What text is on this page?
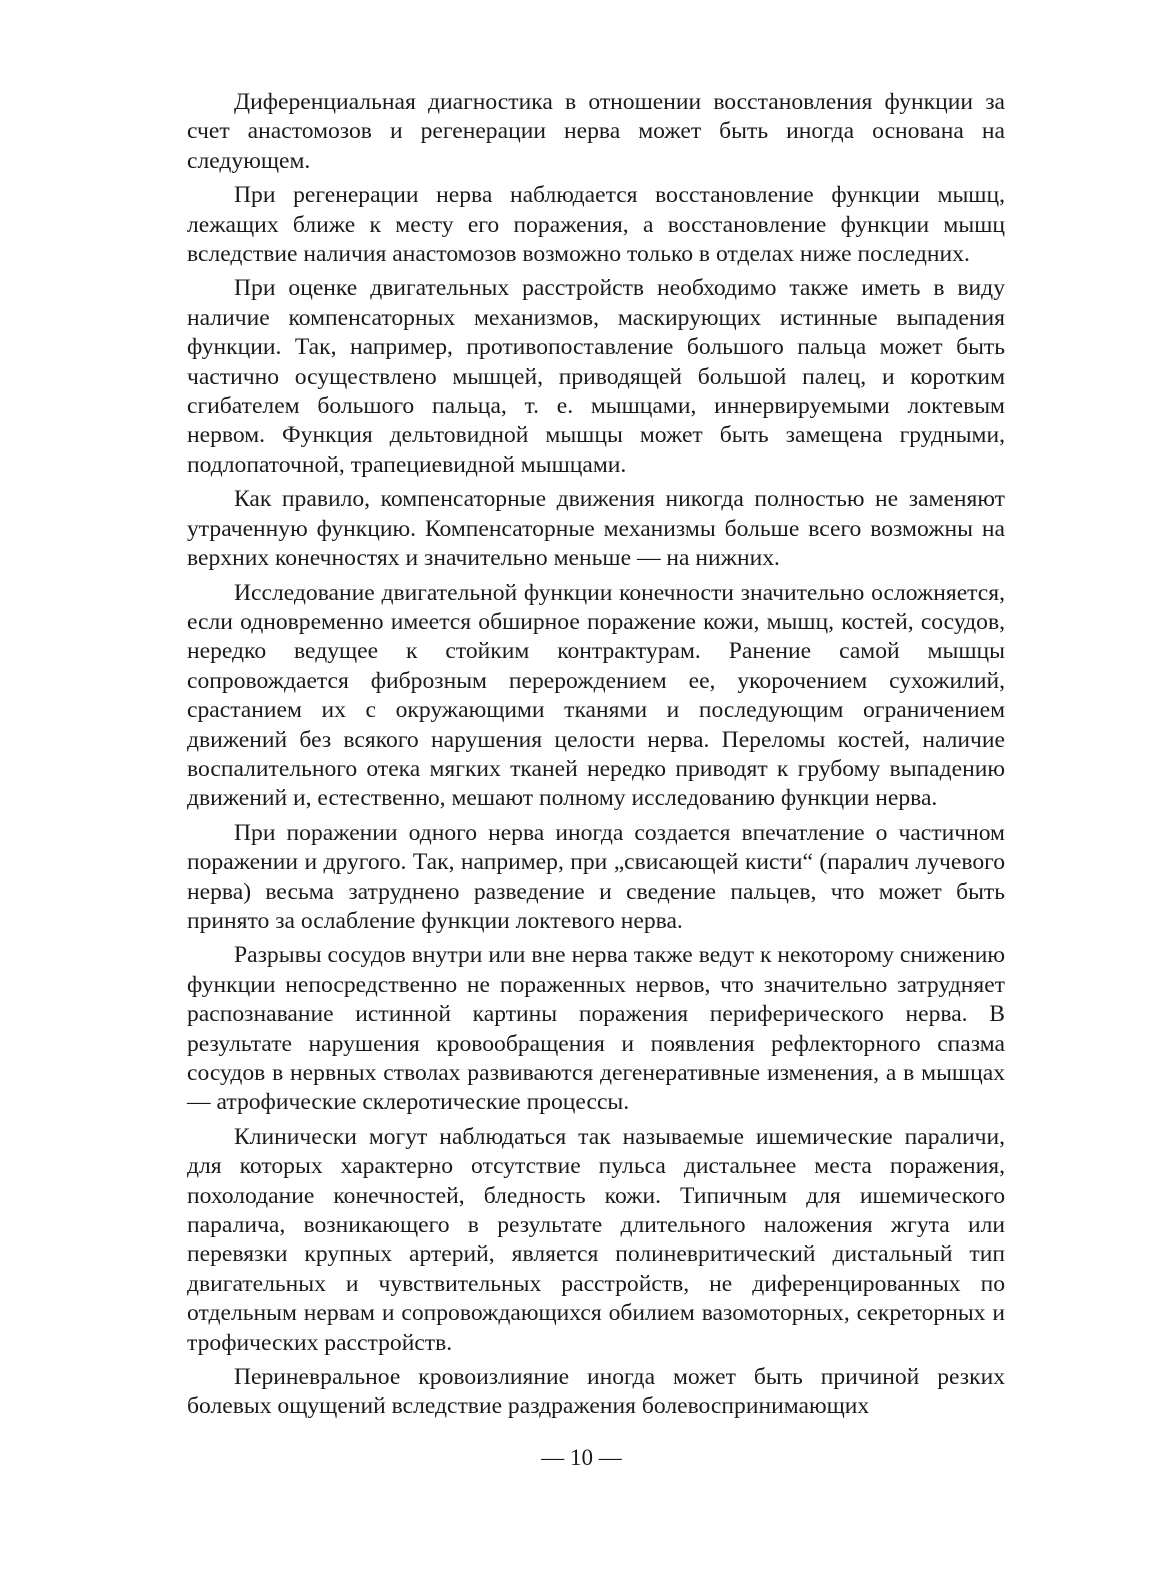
Диференциальная диагностика в отношении восстановления функции за счет анастомозов и регенерации нерва может быть иногда основана на следующем.

При регенерации нерва наблюдается восстановление функции мышц, лежащих ближе к месту его поражения, а восстановление функции мышц вследствие наличия анастомозов возможно только в отделах ниже последних.

При оценке двигательных расстройств необходимо также иметь в виду наличие компенсаторных механизмов, маскирующих истинные выпадения функции. Так, например, противопоставление большого пальца может быть частично осуществлено мышцей, приводящей большой палец, и коротким сгибателем большого пальца, т. е. мышцами, иннервируемыми локтевым нервом. Функция дельтовидной мышцы может быть замещена грудными, подлопаточной, трапециевидной мышцами.

Как правило, компенсаторные движения никогда полностью не заменяют утраченную функцию. Компенсаторные механизмы больше всего возможны на верхних конечностях и значительно меньше — на нижних.

Исследование двигательной функции конечности значительно осложняется, если одновременно имеется обширное поражение кожи, мышц, костей, сосудов, нередко ведущее к стойким контрактурам. Ранение самой мышцы сопровождается фиброзным перерождением ее, укорочением сухожилий, срастанием их с окружающими тканями и последующим ограничением движений без всякого нарушения целости нерва. Переломы костей, наличие воспалительного отека мягких тканей нередко приводят к грубому выпадению движений и, естественно, мешают полному исследованию функции нерва.

При поражении одного нерва иногда создается впечатление о частичном поражении и другого. Так, например, при „свисающей кисти“ (паралич лучевого нерва) весьма затруднено разведение и сведение пальцев, что может быть принято за ослабление функции локтевого нерва.

Разрывы сосудов внутри или вне нерва также ведут к некоторому снижению функции непосредственно не пораженных нервов, что значительно затрудняет распознавание истинной картины поражения периферического нерва. В результате нарушения кровообращения и появления рефлекторного спазма сосудов в нервных стволах развиваются дегенеративные изменения, а в мышцах — атрофические склеротические процессы.

Клинически могут наблюдаться так называемые ишемические параличи, для которых характерно отсутствие пульса дистальнее места поражения, похолодание конечностей, бледность кожи. Типичным для ишемического паралича, возникающего в результате длительного наложения жгута или перевязки крупных артерий, является полиневритический дистальный тип двигательных и чувствительных расстройств, не диференцированных по отдельным нервам и сопровождающихся обилием вазомоторных, секреторных и трофических расстройств.

Периневральное кровоизлияние иногда может быть причиной резких болевых ощущений вследствие раздражения болевоспринимающих

— 10 —
